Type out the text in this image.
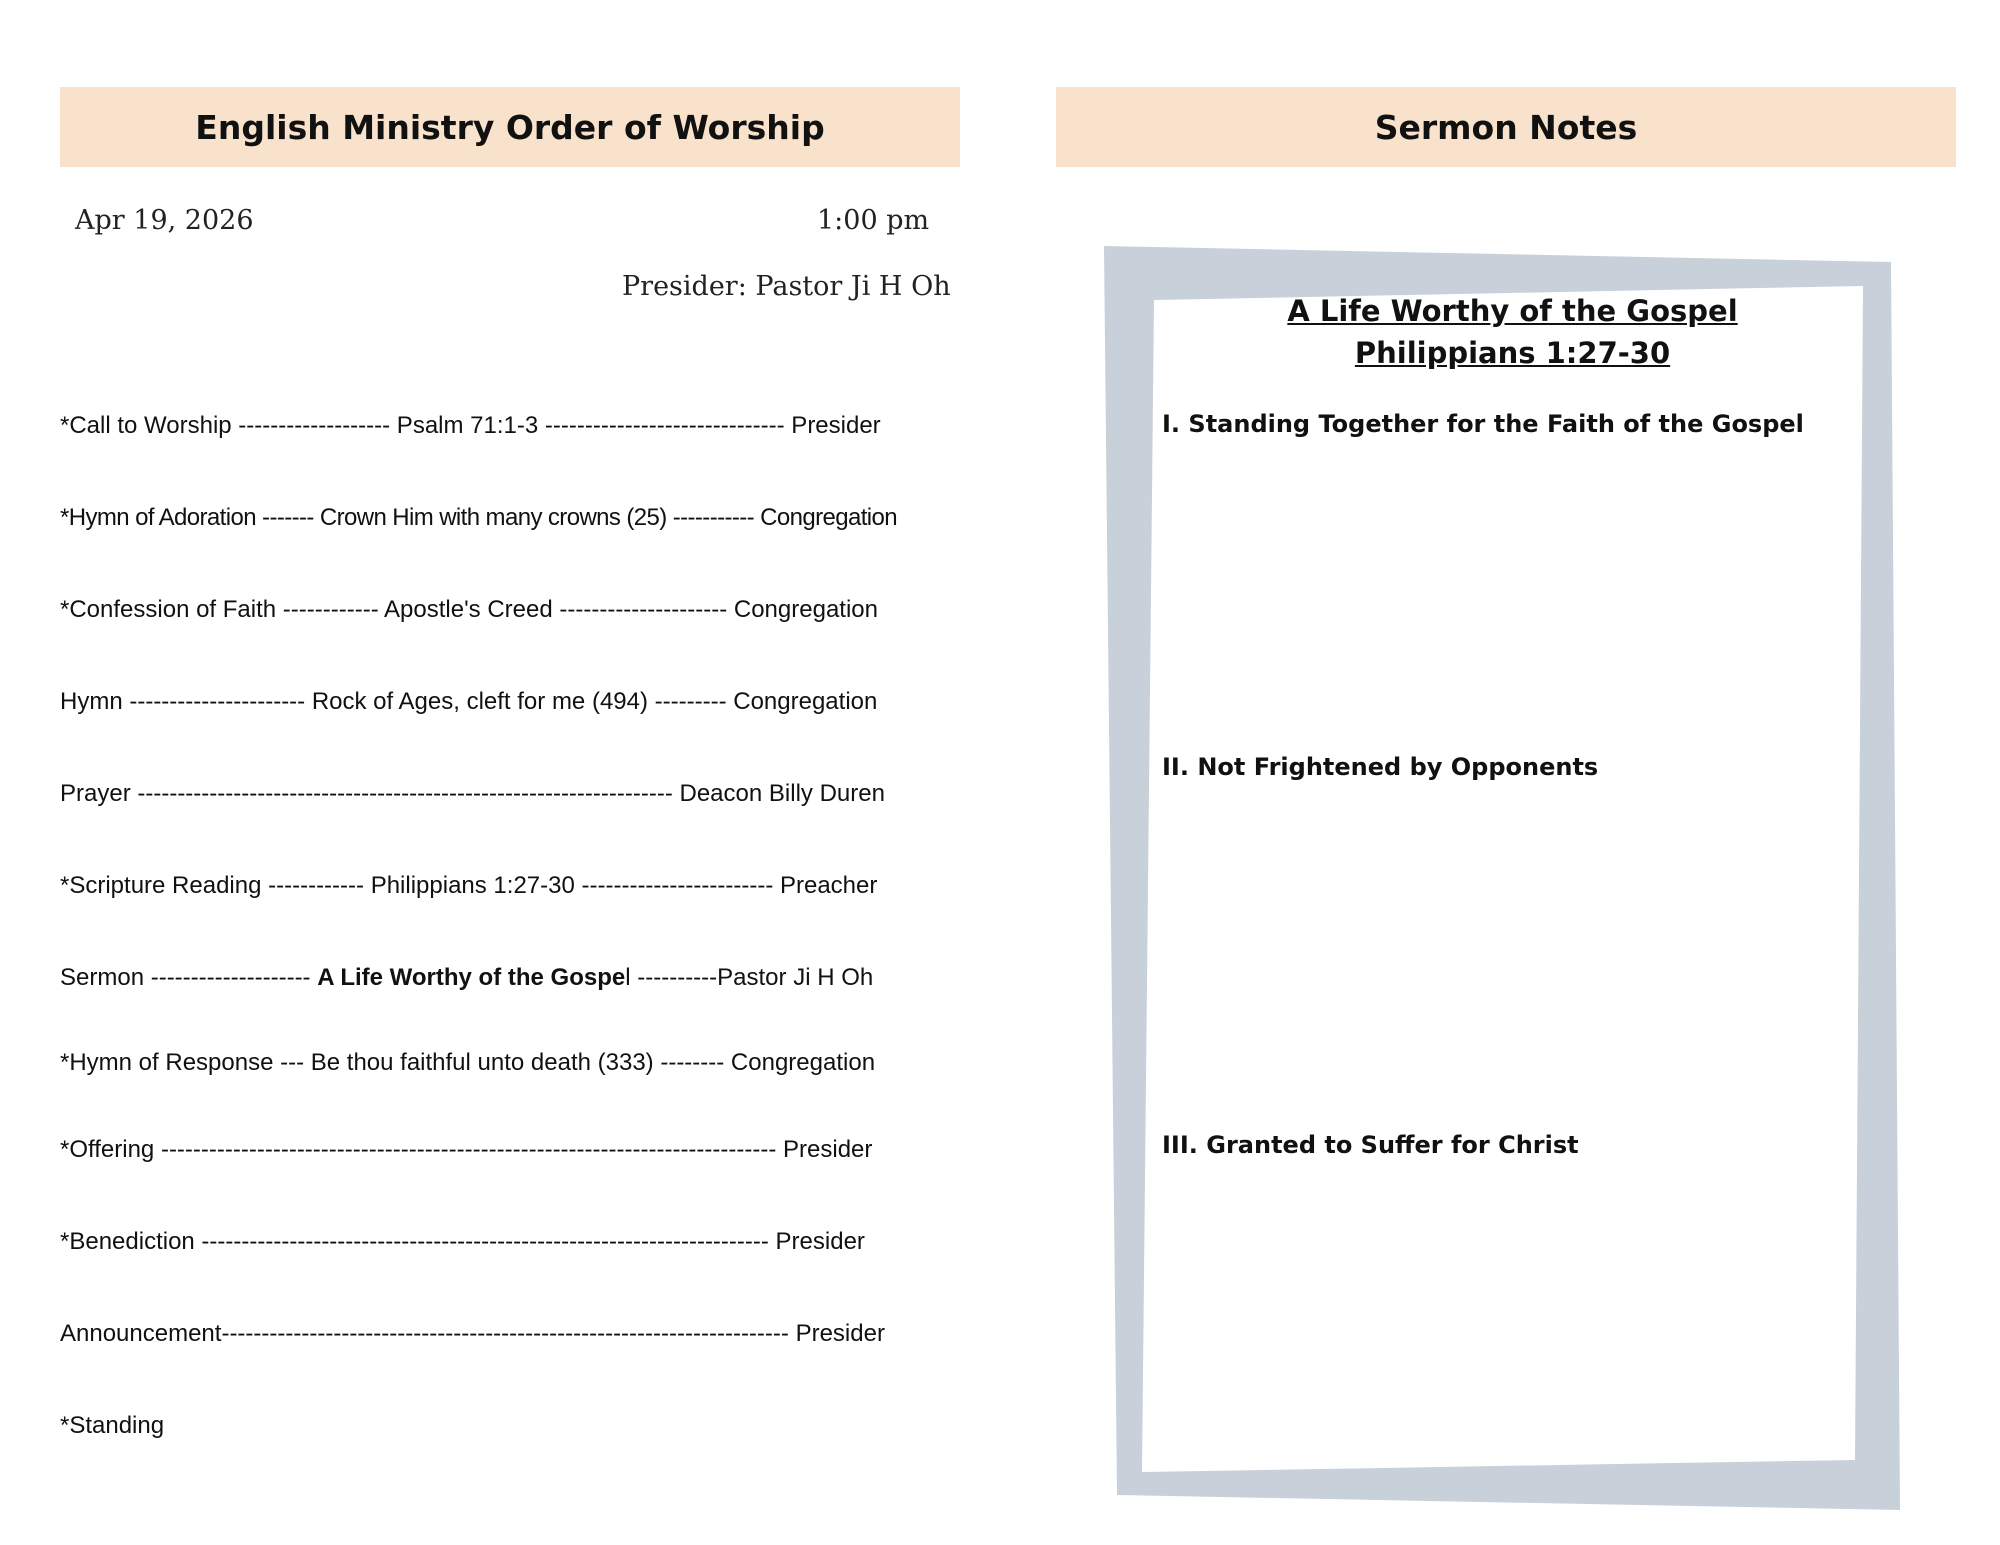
English Ministry Order of Worship
Apr 19, 2026	1:00 pm
Presider: Pastor Ji H Oh
*Call to Worship ------------------- Psalm 71:1-3 ------------------------------ Presider
*Hymn of Adoration ------- Crown Him with many crowns (25) ----------- Congregation
*Confession of Faith ------------ Apostle's Creed --------------------- Congregation
Hymn ---------------------- Rock of Ages, cleft for me (494) --------- Congregation
Prayer ------------------------------------------------------------------- Deacon Billy Duren
*Scripture Reading ------------ Philippians 1:27-30 ------------------------ Preacher
Sermon -------------------- A Life Worthy of the Gospel ----------Pastor Ji H Oh
*Hymn of Response --- Be thou faithful unto death (333) -------- Congregation
*Offering ----------------------------------------------------------------------------- Presider
*Benediction ----------------------------------------------------------------------- Presider
Announcement----------------------------------------------------------------------- Presider
*Standing
Sermon Notes
A Life Worthy of the Gospel
Philippians 1:27-30
I. Standing Together for the Faith of the Gospel
II. Not Frightened by Opponents
III. Granted to Suffer for Christ
